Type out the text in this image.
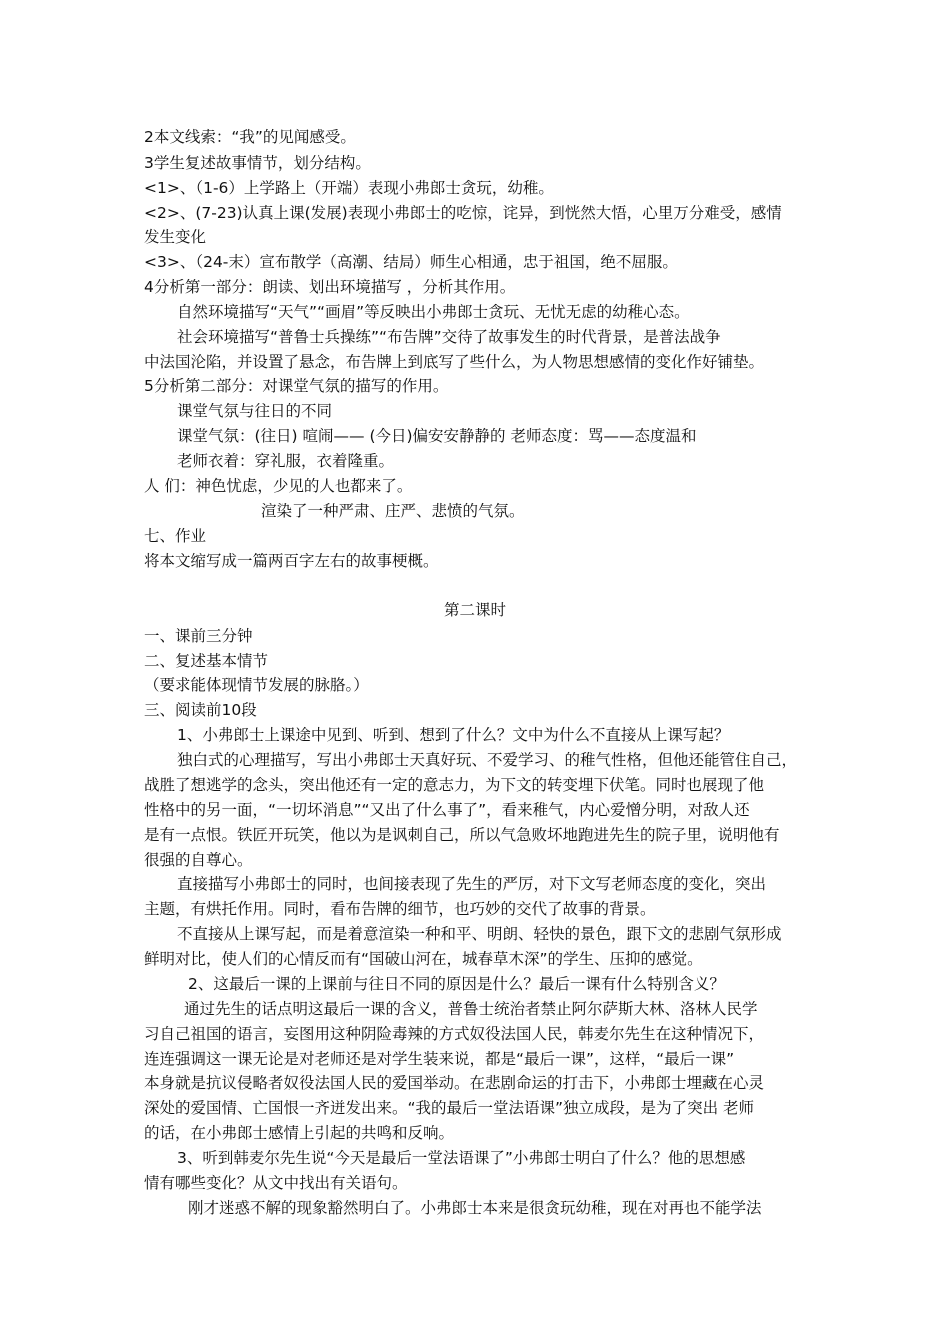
2本文线索：“我”的见闻感受。

3学生复述故事情节，划分结构。

<1>、（1-6）上学路上（开端）表现小弗郎士贪玩，幼稚。

<2>、(7-23)认真上课(发展)表现小弗郎士的吃惊，诧异，到恍然大悟，心里万分难受，感情

发生变化

<3>、（24-末）宣布散学（高潮、结局）师生心相通，忠于祖国，绝不屈服。

4分析第一部分：朗读、划出环境描写 ，分析其作用。

自然环境描写“天气”“画眉”等反映出小弗郎士贪玩、无忧无虑的幼稚心态。

社会环境描写“普鲁士兵操练”“布告牌”交待了故事发生的时代背景，是普法战争

中法国沦陷，并设置了悬念，布告牌上到底写了些什么，为人物思想感情的变化作好铺垫。

5分析第二部分：对课堂气氛的描写的作用。

课堂气氛与往日的不同

课堂气氛：(往日) 喧闹—— (今日)偏安安静静的 老师态度：骂——态度温和

老师衣着：穿礼服，衣着隆重。

人 们：神色忧虑，少见的人也都来了。

渲染了一种严肃、庄严、悲愤的气氛。

七、作业

将本文缩写成一篇两百字左右的故事梗概。

第二课时

一、课前三分钟

二、复述基本情节

（要求能体现情节发展的脉胳。）

三、阅读前10段

1、小弗郎士上课途中见到、听到、想到了什么？文中为什么不直接从上课写起？

独白式的心理描写，写出小弗郎士天真好玩、不爱学习、的稚气性格，但他还能管住自己，

战胜了想逃学的念头，突出他还有一定的意志力，为下文的转变埋下伏笔。同时也展现了他

性格中的另一面，“一切坏消息”“又出了什么事了”，看来稚气，内心爱憎分明，对敌人还

是有一点恨。铁匠开玩笑，他以为是讽刺自己，所以气急败坏地跑进先生的院子里，说明他有

很强的自尊心。

直接描写小弗郎士的同时，也间接表现了先生的严厉，对下文写老师态度的变化，突出

主题，有烘托作用。同时，看布告牌的细节，也巧妙的交代了故事的背景。

不直接从上课写起，而是着意渲染一种和平、明朗、轻快的景色，跟下文的悲剧气氛形成

鲜明对比，使人们的心情反而有“国破山河在，城春草木深”的学生、压抑的感觉。

2、这最后一课的上课前与往日不同的原因是什么？最后一课有什么特别含义？

通过先生的话点明这最后一课的含义，普鲁士统治者禁止阿尔萨斯大林、洛林人民学

习自己祖国的语言，妄图用这种阴险毒辣的方式奴役法国人民，韩麦尔先生在这种情况下，

连连强调这一课无论是对老师还是对学生装来说，都是“最后一课”，这样，“最后一课”

本身就是抗议侵略者奴役法国人民的爱国举动。在悲剧命运的打击下，小弗郎士埋藏在心灵

深处的爱国情、亡国恨一齐迸发出来。“我的最后一堂法语课”独立成段，是为了突出 老师

的话，在小弗郎士感情上引起的共鸣和反响。

3、听到韩麦尔先生说“今天是最后一堂法语课了”小弗郎士明白了什么？他的思想感

情有哪些变化？从文中找出有关语句。

刚才迷惑不解的现象豁然明白了。小弗郎士本来是很贪玩幼稚，现在对再也不能学法
